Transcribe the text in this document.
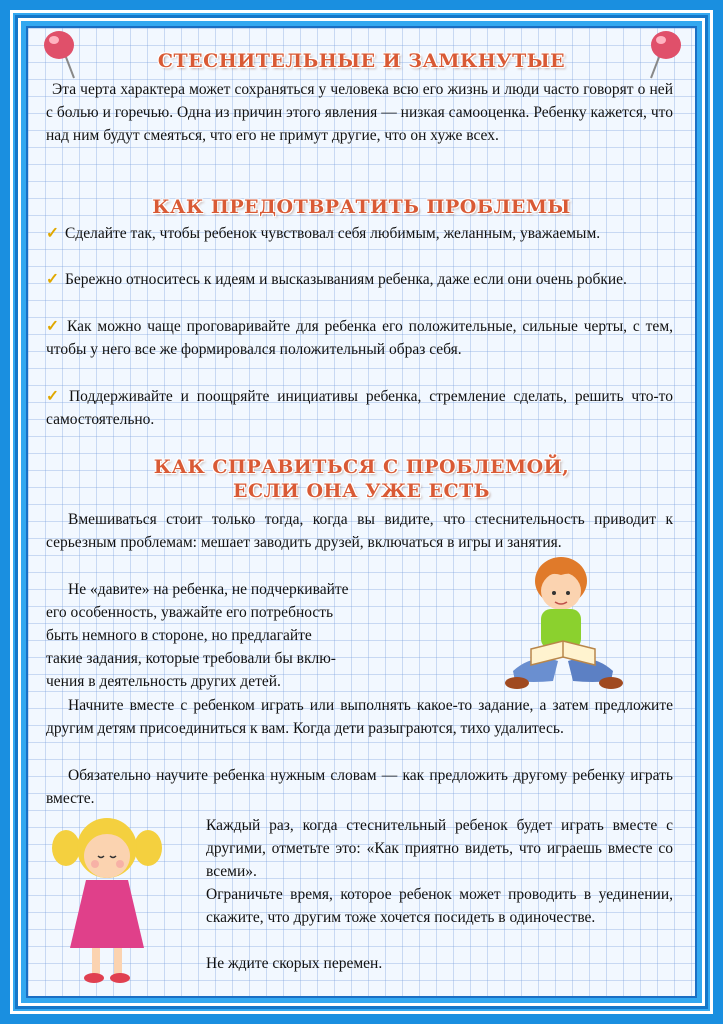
СТЕСНИТЕЛЬНЫЕ И ЗАМКНУТЫЕ
Эта черта характера может сохраняться у человека всю его жизнь и люди часто говорят о ней с болью и горечью. Одна из причин этого явления — низкая самооценка. Ребенку кажется, что над ним будут смеяться, что его не примут другие, что он хуже всех.
КАК ПРЕДОТВРАТИТЬ ПРОБЛЕМЫ
✓ Сделайте так, чтобы ребенок чувствовал себя любимым, желанным, уважаемым.
✓ Бережно относитесь к идеям и высказываниям ребенка, даже если они очень робкие.
✓ Как можно чаще проговаривайте для ребенка его положительные, сильные черты, с тем, чтобы у него все же формировался положительный образ себя.
✓ Поддерживайте и поощряйте инициативы ребенка, стремление сделать, решить что-то самостоятельно.
КАК СПРАВИТЬСЯ С ПРОБЛЕМОЙ,
ЕСЛИ ОНА УЖЕ ЕСТЬ
Вмешиваться стоит только тогда, когда вы видите, что стеснительность приводит к серьезным проблемам: мешает заводить друзей, включаться в игры и занятия.
Не «давите» на ребенка, не подчеркивайте
его особенность, уважайте его потребность
быть немного в стороне, но предлагайте
такие задания, которые требовали бы вклю-
чения в деятельность других детей.
Начните вместе с ребенком играть или выполнять какое-то задание, а затем предложите другим детям присоединиться к вам. Когда дети разыграются, тихо удалитесь.
Обязательно научите ребенка нужным словам — как предложить другому ребенку играть вместе.
Каждый раз, когда стеснительный ребенок будет играть вместе с другими, отметьте это: «Как приятно видеть, что играешь вместе со всеми».
Ограничьте время, которое ребенок может проводить в уединении, скажите, что другим тоже хочется посидеть в одиночестве.
Не ждите скорых перемен.
